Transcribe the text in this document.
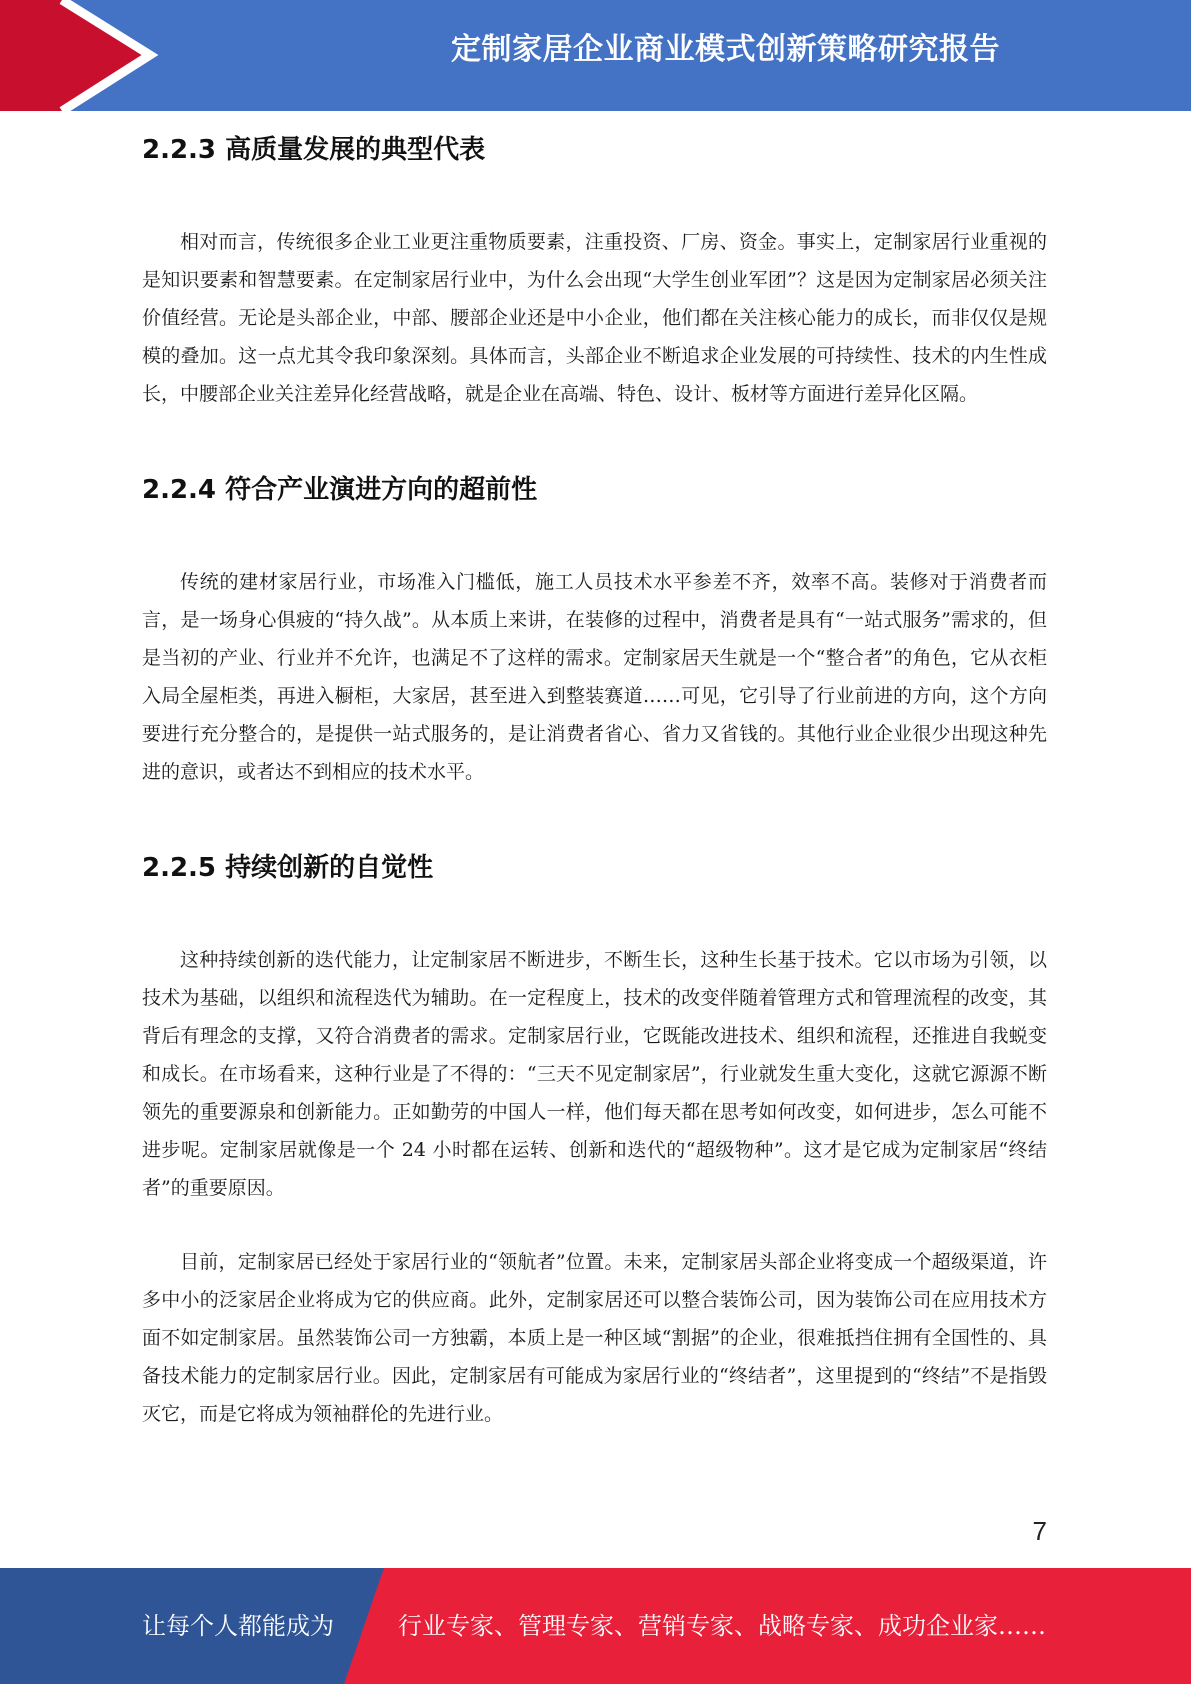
定制家居企业商业模式创新策略研究报告
2.2.3 高质量发展的典型代表

相对而言，传统很多企业工业更注重物质要素，注重投资、厂房、资金。事实上，定制家居行业重视的是知识要素和智慧要素。在定制家居行业中，为什么会出现“大学生创业军团”？这是因为定制家居必须关注价值经营。无论是头部企业，中部、腰部企业还是中小企业，他们都在关注核心能力的成长，而非仅仅是规模的叠加。这一点尤其令我印象深刻。具体而言，头部企业不断追求企业发展的可持续性、技术的内生性成长，中腰部企业关注差异化经营战略，就是企业在高端、特色、设计、板材等方面进行差异化区隔。

2.2.4 符合产业演进方向的超前性

传统的建材家居行业，市场准入门槛低，施工人员技术水平参差不齐，效率不高。装修对于消费者而言，是一场身心俱疲的“持久战”。从本质上来讲，在装修的过程中，消费者是具有“一站式服务”需求的，但是当初的产业、行业并不允许，也满足不了这样的需求。定制家居天生就是一个“整合者”的角色，它从衣柜入局全屋柜类，再进入橱柜，大家居，甚至进入到整装赛道……可见，它引导了行业前进的方向，这个方向要进行充分整合的，是提供一站式服务的，是让消费者省心、省力又省钱的。其他行业企业很少出现这种先进的意识，或者达不到相应的技术水平。

2.2.5 持续创新的自觉性

这种持续创新的迭代能力，让定制家居不断进步，不断生长，这种生长基于技术。它以市场为引领，以技术为基础，以组织和流程迭代为辅助。在一定程度上，技术的改变伴随着管理方式和管理流程的改变，其背后有理念的支撑，又符合消费者的需求。定制家居行业，它既能改进技术、组织和流程，还推进自我蜕变和成长。在市场看来，这种行业是了不得的：“三天不见定制家居”，行业就发生重大变化，这就它源源不断领先的重要源泉和创新能力。正如勤劳的中国人一样，他们每天都在思考如何改变，如何进步，怎么可能不进步呢。定制家居就像是一个 24 小时都在运转、创新和迭代的“超级物种”。这才是它成为定制家居“终结者”的重要原因。

目前，定制家居已经处于家居行业的“领航者”位置。未来，定制家居头部企业将变成一个超级渠道，许多中小的泛家居企业将成为它的供应商。此外，定制家居还可以整合装饰公司，因为装饰公司在应用技术方面不如定制家居。虽然装饰公司一方独霸，本质上是一种区域“割据”的企业，很难抵挡住拥有全国性的、具备技术能力的定制家居行业。因此，定制家居有可能成为家居行业的“终结者”，这里提到的“终结”不是指毁灭它，而是它将成为领袖群伦的先进行业。

7
让每个人都能成为	行业专家、管理专家、营销专家、战略专家、成功企业家……
